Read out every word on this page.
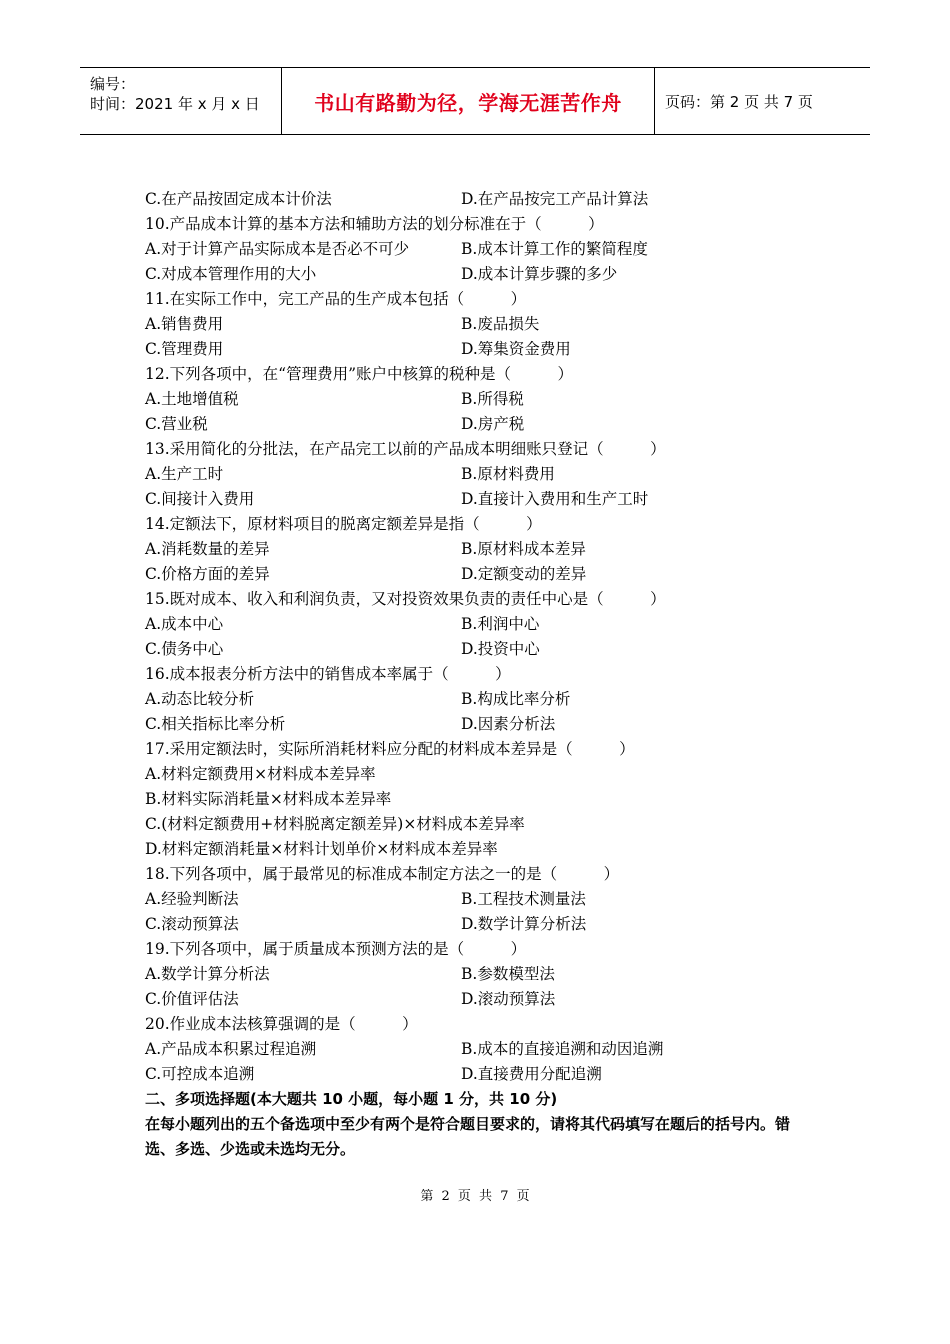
编号：
时间：2021 年 x 月 x 日	书山有路勤为径，学海无涯苦作舟	页码：第 2 页 共 7 页
C.在产品按固定成本计价法	D.在产品按完工产品计算法
10.产品成本计算的基本方法和辅助方法的划分标准在于（　　　）
A.对于计算产品实际成本是否必不可少	B.成本计算工作的繁简程度
C.对成本管理作用的大小	D.成本计算步骤的多少
11.在实际工作中，完工产品的生产成本包括（　　　）
A.销售费用	B.废品损失
C.管理费用	D.筹集资金费用
12.下列各项中，在“管理费用”账户中核算的税种是（　　　）
A.土地增值税	B.所得税
C.营业税	D.房产税
13.采用简化的分批法，在产品完工以前的产品成本明细账只登记（　　　）
A.生产工时	B.原材料费用
C.间接计入费用	D.直接计入费用和生产工时
14.定额法下，原材料项目的脱离定额差异是指（　　　）
A.消耗数量的差异	B.原材料成本差异
C.价格方面的差异	D.定额变动的差异
15.既对成本、收入和利润负责，又对投资效果负责的责任中心是（　　　）
A.成本中心	B.利润中心
C.债务中心	D.投资中心
16.成本报表分析方法中的销售成本率属于（　　　）
A.动态比较分析	B.构成比率分析
C.相关指标比率分析	D.因素分析法
17.采用定额法时，实际所消耗材料应分配的材料成本差异是（　　　）
A.材料定额费用×材料成本差异率
B.材料实际消耗量×材料成本差异率
C.(材料定额费用+材料脱离定额差异)×材料成本差异率
D.材料定额消耗量×材料计划单价×材料成本差异率
18.下列各项中，属于最常见的标准成本制定方法之一的是（　　　）
A.经验判断法	B.工程技术测量法
C.滚动预算法	D.数学计算分析法
19.下列各项中，属于质量成本预测方法的是（　　　）
A.数学计算分析法	B.参数模型法
C.价值评估法	D.滚动预算法
20.作业成本法核算强调的是（　　　）
A.产品成本积累过程追溯	B.成本的直接追溯和动因追溯
C.可控成本追溯	D.直接费用分配追溯
二、多项选择题(本大题共 10 小题，每小题 1 分，共 10 分)
在每小题列出的五个备选项中至少有两个是符合题目要求的，请将其代码填写在题后的括号内。错选、多选、少选或未选均无分。
第 2 页 共 7 页
